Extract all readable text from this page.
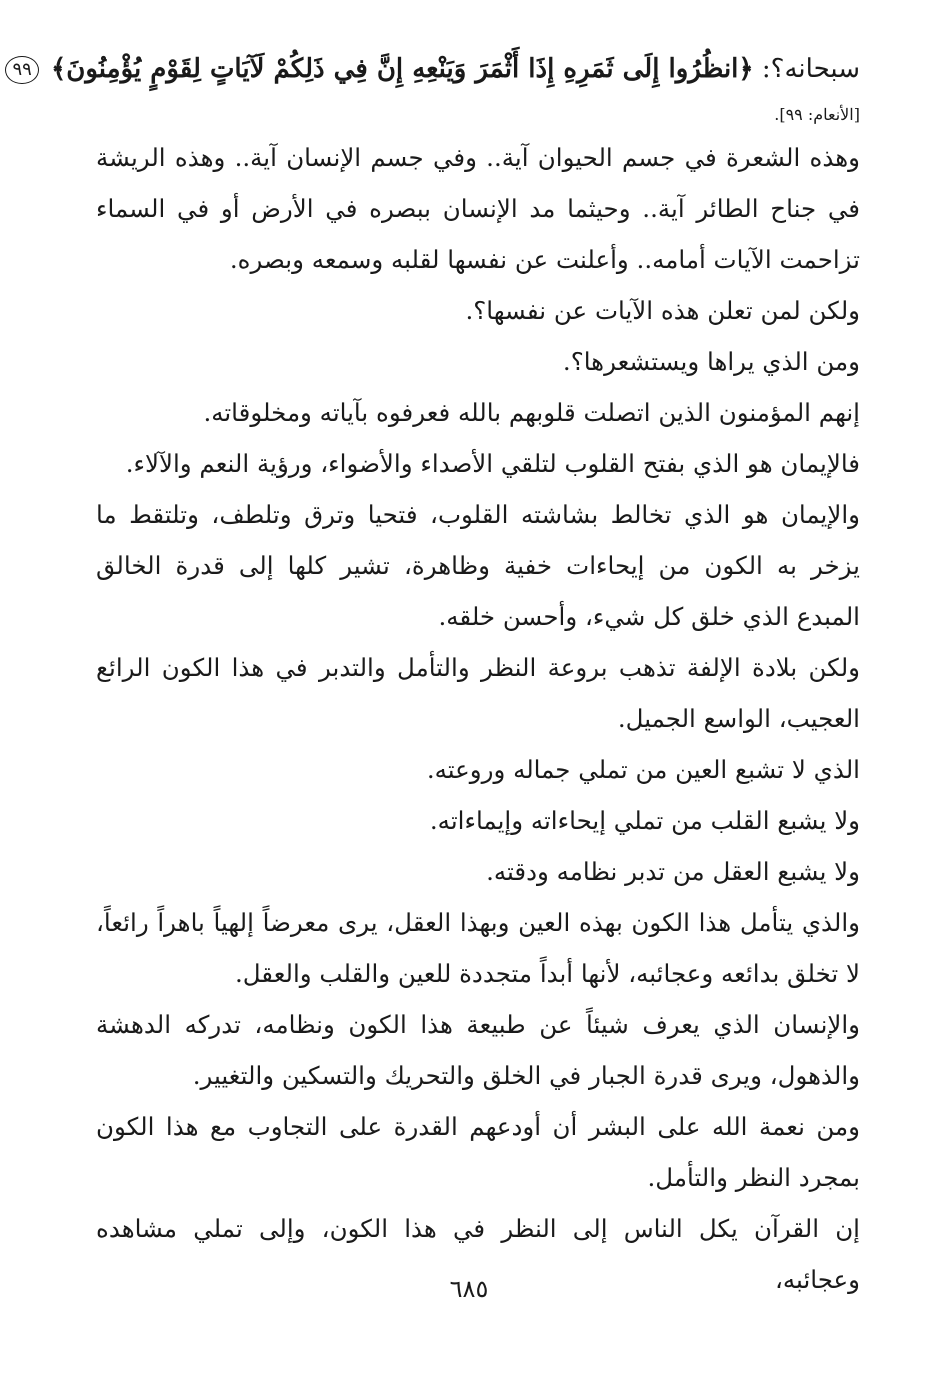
سبحانه؟: ﴿انظُرُوا إِلَى ثَمَرِهِ إِذَا أَثْمَرَ وَيَنْعِهِ إِنَّ فِي ذَلِكُمْ لَآيَاتٍ لِقَوْمٍ يُؤْمِنُونَ﴾ ٩٩
[الأنعام: ٩٩].

وهذه الشعرة في جسم الحيوان آية.. وفي جسم الإنسان آية.. وهذه الريشة في جناح الطائر آية.. وحيثما مد الإنسان ببصره في الأرض أو في السماء تزاحمت الآيات أمامه.. وأعلنت عن نفسها لقلبه وسمعه وبصره.

ولكن لمن تعلن هذه الآيات عن نفسها؟.

ومن الذي يراها ويستشعرها؟.

إنهم المؤمنون الذين اتصلت قلوبهم بالله فعرفوه بآياته ومخلوقاته.

فالإيمان هو الذي بفتح القلوب لتلقي الأصداء والأضواء، ورؤية النعم والآلاء.

والإيمان هو الذي تخالط بشاشته القلوب، فتحيا وترق وتلطف، وتلتقط ما يزخر به الكون من إيحاءات خفية وظاهرة، تشير كلها إلى قدرة الخالق المبدع الذي خلق كل شيء، وأحسن خلقه.

ولكن بلادة الإلفة تذهب بروعة النظر والتأمل والتدبر في هذا الكون الرائع العجيب، الواسع الجميل.

الذي لا تشبع العين من تملي جماله وروعته.

ولا يشبع القلب من تملي إيحاءاته وإيماءاته.

ولا يشبع العقل من تدبر نظامه ودقته.

والذي يتأمل هذا الكون بهذه العين وبهذا العقل، يرى معرضاً إلهياً باهراً رائعاً، لا تخلق بدائعه وعجائبه، لأنها أبداً متجددة للعين والقلب والعقل.

والإنسان الذي يعرف شيئاً عن طبيعة هذا الكون ونظامه، تدركه الدهشة والذهول، ويرى قدرة الجبار في الخلق والتحريك والتسكين والتغيير.

ومن نعمة الله على البشر أن أودعهم القدرة على التجاوب مع هذا الكون بمجرد النظر والتأمل.

إن القرآن يكل الناس إلى النظر في هذا الكون، وإلى تملي مشاهده وعجائبه،

٦٨٥
